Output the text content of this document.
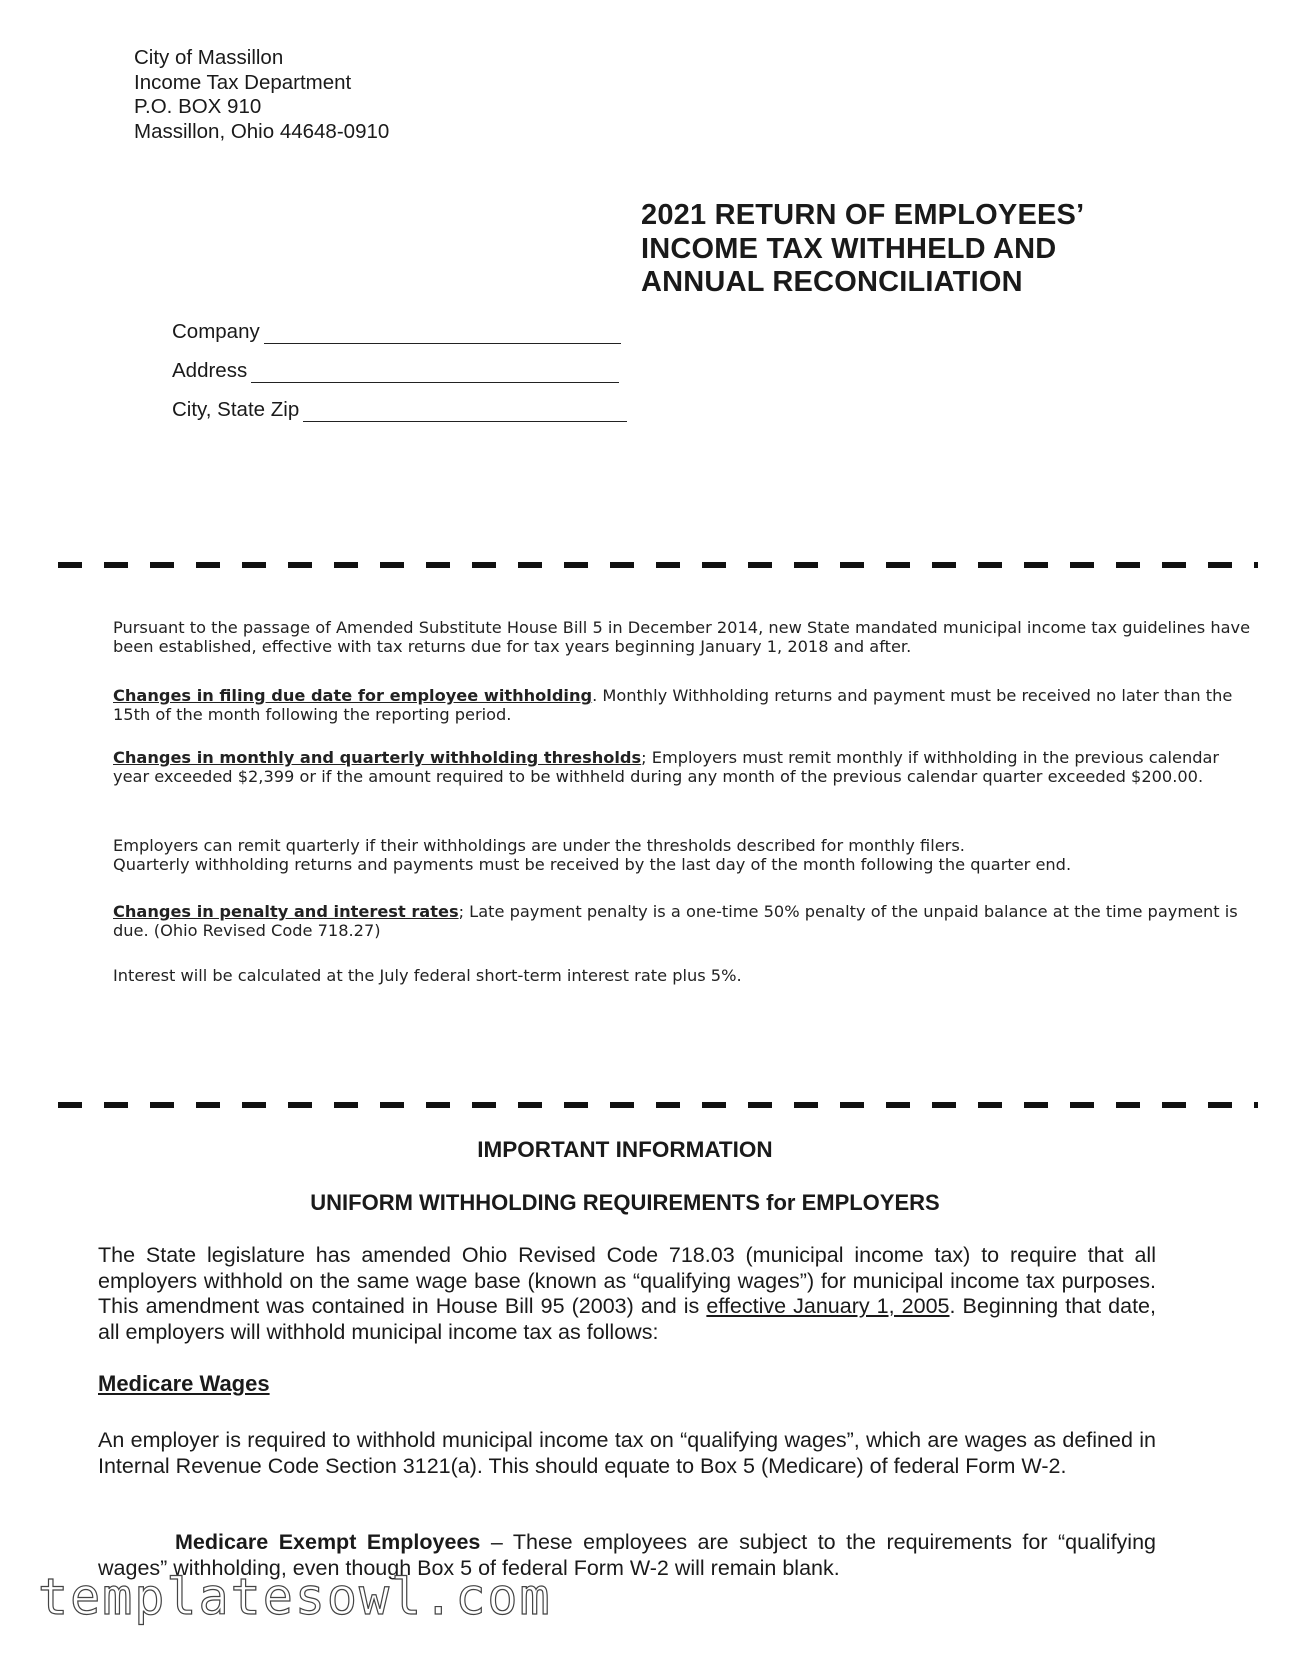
City of Massillon
Income Tax Department
P.O. BOX 910
Massillon, Ohio 44648-0910
2021 RETURN OF EMPLOYEES’
INCOME TAX WITHHELD AND
ANNUAL RECONCILIATION
Company
Address
City, State Zip

Pursuant to the passage of Amended Substitute House Bill 5 in December 2014, new State mandated municipal income tax guidelines have been established, effective with tax returns due for tax years beginning January 1, 2018 and after.

Changes in filing due date for employee withholding. Monthly Withholding returns and payment must be received no later than the 15th of the month following the reporting period.

Changes in monthly and quarterly withholding thresholds; Employers must remit monthly if withholding in the previous calendar year exceeded $2,399 or if the amount required to be withheld during any month of the previous calendar quarter exceeded $200.00.

Employers can remit quarterly if their withholdings are under the thresholds described for monthly filers.

Quarterly withholding returns and payments must be received by the last day of the month following the quarter end.

Changes in penalty and interest rates; Late payment penalty is a one-time 50% penalty of the unpaid balance at the time payment is due. (Ohio Revised Code 718.27)

Interest will be calculated at the July federal short-term interest rate plus 5%.

IMPORTANT INFORMATION
UNIFORM WITHHOLDING REQUIREMENTS for EMPLOYERS

The State legislature has amended Ohio Revised Code 718.03 (municipal income tax) to require that all employers withhold on the same wage base (known as “qualifying wages”) for municipal income tax purposes. This amendment was contained in House Bill 95 (2003) and is effective January 1, 2005. Beginning that date, all employers will withhold municipal income tax as follows:

Medicare Wages

An employer is required to withhold municipal income tax on “qualifying wages”, which are wages as defined in Internal Revenue Code Section 3121(a). This should equate to Box 5 (Medicare) of federal Form W-2.

Medicare Exempt Employees – These employees are subject to the requirements for “qualifying wages” withholding, even though Box 5 of federal Form W-2 will remain blank.

templatesowl.com
